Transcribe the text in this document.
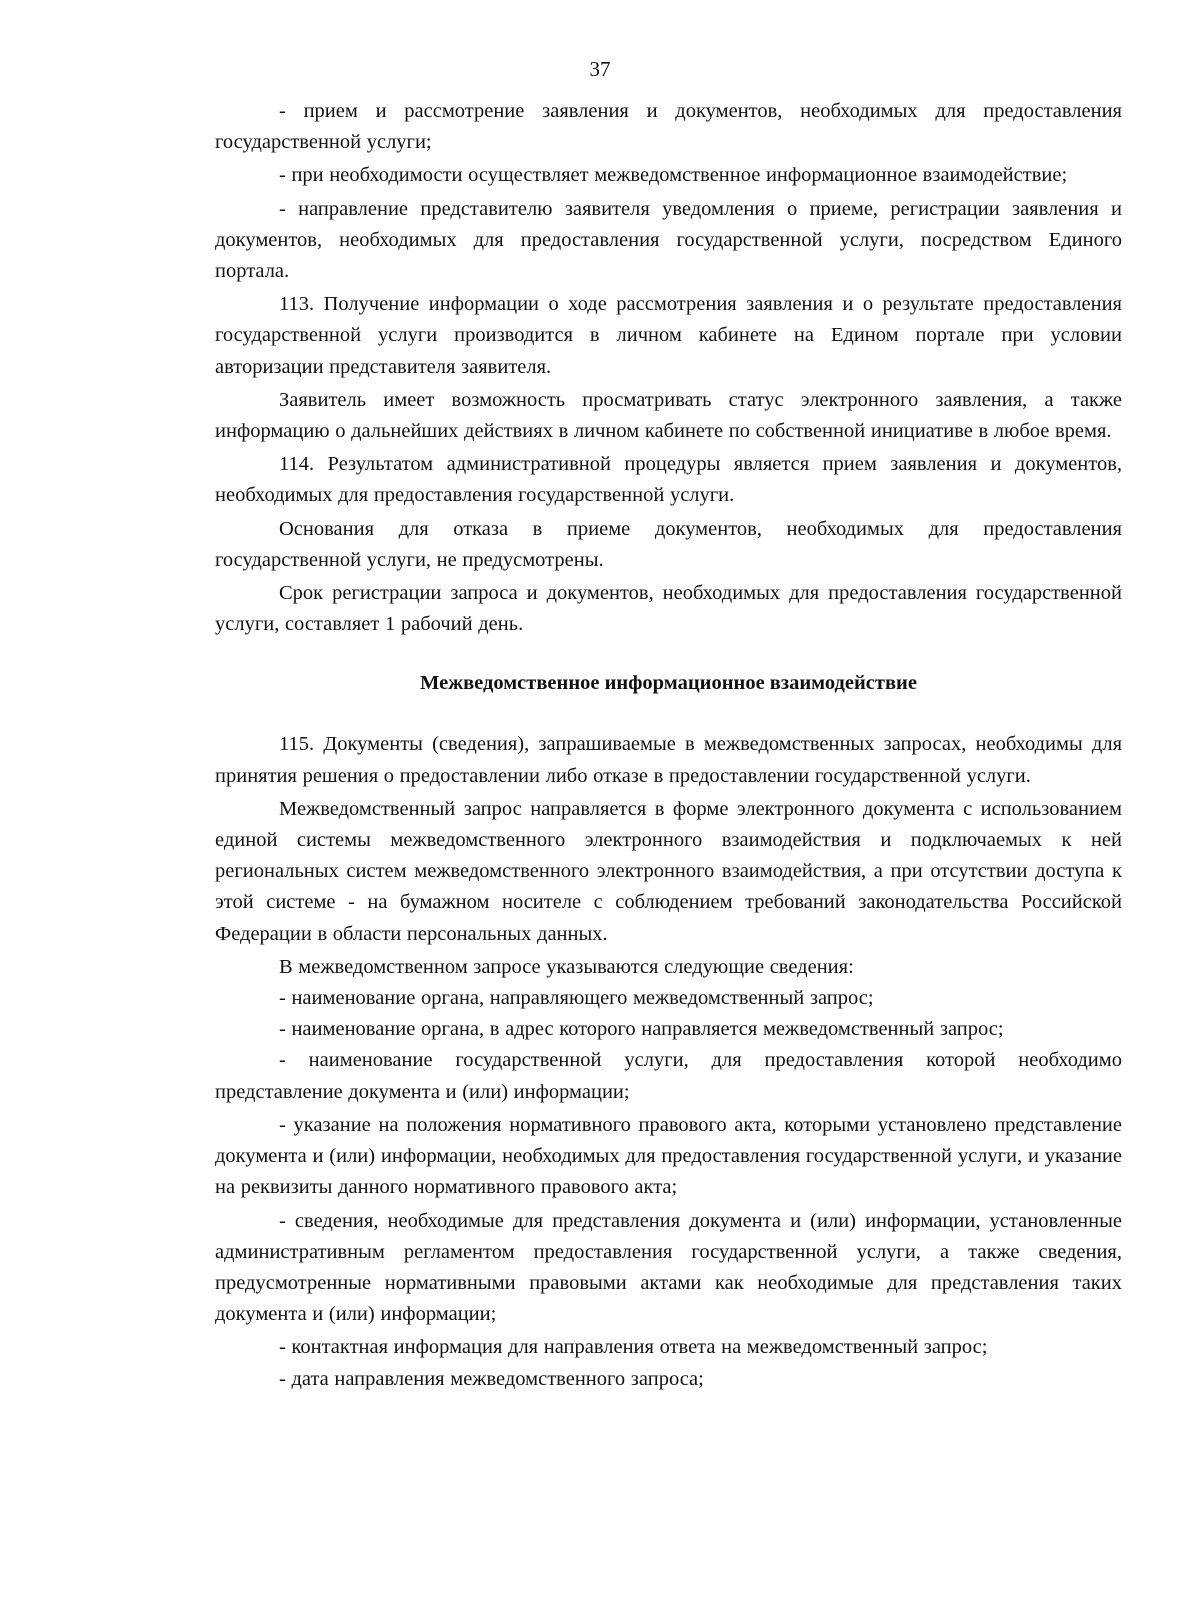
37

- прием и рассмотрение заявления и документов, необходимых для предоставления государственной услуги;

- при необходимости осуществляет межведомственное информационное взаимодействие;

- направление представителю заявителя уведомления о приеме, регистрации заявления и документов, необходимых для предоставления государственной услуги, посредством Единого портала.

113. Получение информации о ходе рассмотрения заявления и о результате предоставления государственной услуги производится в личном кабинете на Едином портале при условии авторизации представителя заявителя.

Заявитель имеет возможность просматривать статус электронного заявления, а также информацию о дальнейших действиях в личном кабинете по собственной инициативе в любое время.

114. Результатом административной процедуры является прием заявления и документов, необходимых для предоставления государственной услуги.

Основания для отказа в приеме документов, необходимых для предоставления государственной услуги, не предусмотрены.

Срок регистрации запроса и документов, необходимых для предоставления государственной услуги, составляет 1 рабочий день.

Межведомственное информационное взаимодействие

115. Документы (сведения), запрашиваемые в межведомственных запросах, необходимы для принятия решения о предоставлении либо отказе в предоставлении государственной услуги.

Межведомственный запрос направляется в форме электронного документа с использованием единой системы межведомственного электронного взаимодействия и подключаемых к ней региональных систем межведомственного электронного взаимодействия, а при отсутствии доступа к этой системе - на бумажном носителе с соблюдением требований законодательства Российской Федерации в области персональных данных.

В межведомственном запросе указываются следующие сведения:

- наименование органа, направляющего межведомственный запрос;

- наименование органа, в адрес которого направляется межведомственный запрос;

- наименование государственной услуги, для предоставления которой необходимо представление документа и (или) информации;

- указание на положения нормативного правового акта, которыми установлено представление документа и (или) информации, необходимых для предоставления государственной услуги, и указание на реквизиты данного нормативного правового акта;

- сведения, необходимые для представления документа и (или) информации, установленные административным регламентом предоставления государственной услуги, а также сведения, предусмотренные нормативными правовыми актами как необходимые для представления таких документа и (или) информации;

- контактная информация для направления ответа на межведомственный запрос;

- дата направления межведомственного запроса;
